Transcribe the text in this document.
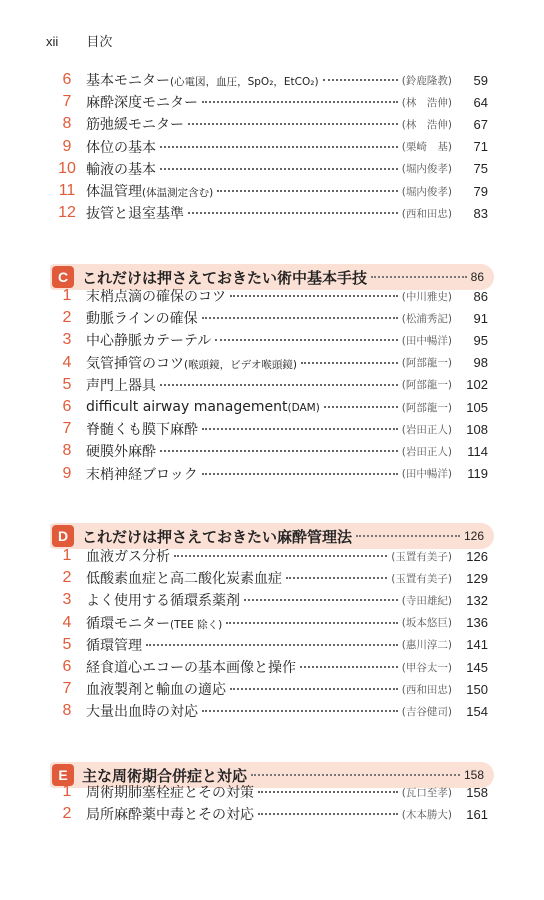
xii 目次
6	基本モニター(心電図，血圧，SpO₂，EtCO₂)	(鈴鹿隆教)	59
7	麻酔深度モニター	(林　浩伸)	64
8	筋弛緩モニター	(林　浩伸)	67
9	体位の基本	(栗崎　基)	71
10 輸液の基本	(堀内俊孝)	75
11 体温管理(体温測定含む)	(堀内俊孝)	79
12 抜管と退室基準	(西和田忠)	83
C これだけは押さえておきたい術中基本手技	86
1	末梢点滴の確保のコツ	(中川雅史)	86
2	動脈ラインの確保	(松浦秀記)	91
3	中心静脈カテーテル	(田中暢洋)	95
4	気管挿管のコツ(喉頭鏡，ビデオ喉頭鏡)	(阿部龍一)	98
5	声門上器具	(阿部龍一)	102
6	difficult airway management(DAM)	(阿部龍一)	105
7	脊髄くも膜下麻酔	(岩田正人)	108
8	硬膜外麻酔	(岩田正人)	114
9	末梢神経ブロック	(田中暢洋)	119
D これだけは押さえておきたい麻酔管理法	126
1	血液ガス分析	(玉置有美子)	126
2	低酸素血症と高二酸化炭素血症	(玉置有美子)	129
3	よく使用する循環系薬剤	(寺田雄紀)	132
4	循環モニター(TEE 除く)	(坂本悠巨)	136
5	循環管理	(惠川淳二)	141
6	経食道心エコーの基本画像と操作	(甲谷太一)	145
7	血液製剤と輸血の適応	(西和田忠)	150
8	大量出血時の対応	(吉谷健司)	154
E 主な周術期合併症と対応	158
1	周術期肺塞栓症とその対策	(瓦口至孝)	158
2	局所麻酔薬中毒とその対応	(木本勝大)	161
